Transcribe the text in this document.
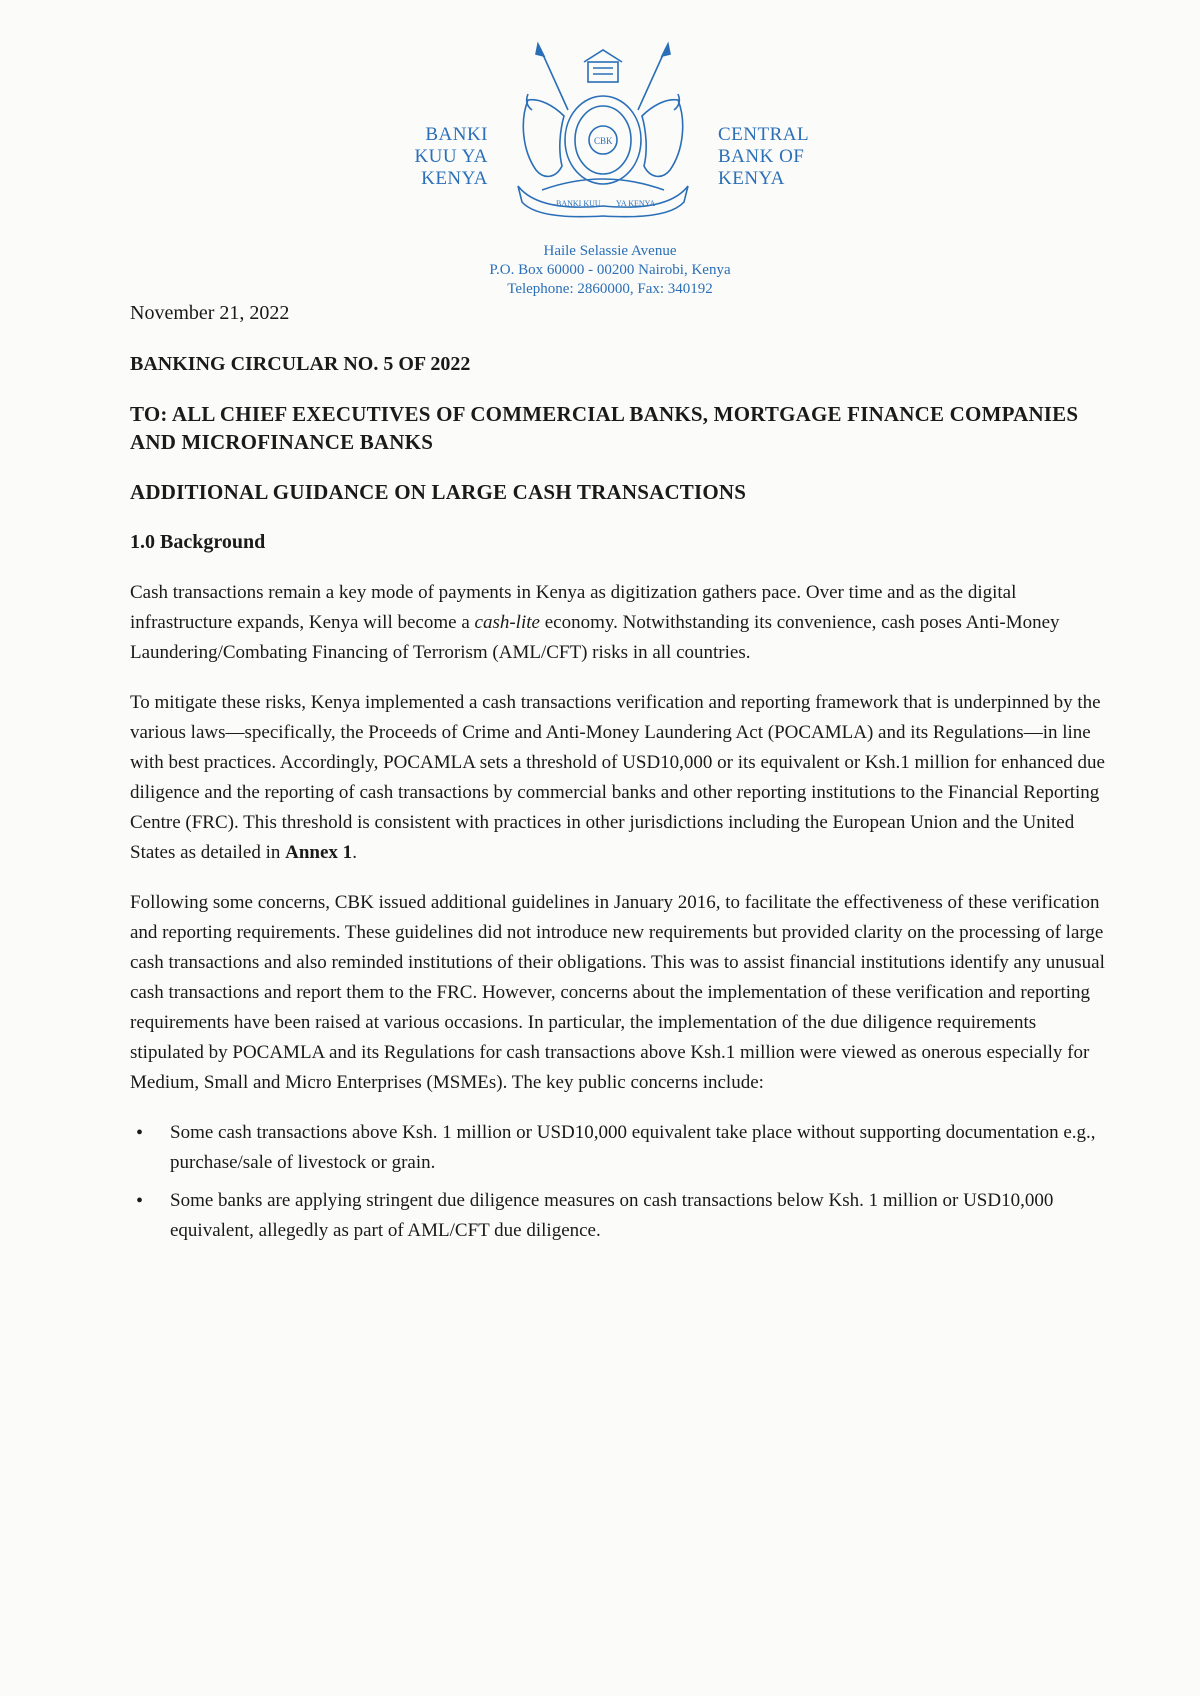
BANKI
KUU YA
KENYA
BANKI KUU YA KENYA
CBK	CENTRAL
BANK OF
KENYA
Haile Selassie Avenue
P.O. Box 60000 - 00200 Nairobi, Kenya
Telephone: 2860000, Fax: 340192
November 21, 2022
BANKING CIRCULAR NO. 5 OF 2022
TO: ALL CHIEF EXECUTIVES OF COMMERCIAL BANKS, MORTGAGE FINANCE COMPANIES AND MICROFINANCE BANKS
ADDITIONAL GUIDANCE ON LARGE CASH TRANSACTIONS
1.0 Background

Cash transactions remain a key mode of payments in Kenya as digitization gathers pace. Over time and as the digital infrastructure expands, Kenya will become a cash-lite economy. Notwithstanding its convenience, cash poses Anti-Money Laundering/Combating Financing of Terrorism (AML/CFT) risks in all countries.

To mitigate these risks, Kenya implemented a cash transactions verification and reporting framework that is underpinned by the various laws—specifically, the Proceeds of Crime and Anti-Money Laundering Act (POCAMLA) and its Regulations—in line with best practices. Accordingly, POCAMLA sets a threshold of USD10,000 or its equivalent or Ksh.1 million for enhanced due diligence and the reporting of cash transactions by commercial banks and other reporting institutions to the Financial Reporting Centre (FRC). This threshold is consistent with practices in other jurisdictions including the European Union and the United States as detailed in Annex 1.

Following some concerns, CBK issued additional guidelines in January 2016, to facilitate the effectiveness of these verification and reporting requirements. These guidelines did not introduce new requirements but provided clarity on the processing of large cash transactions and also reminded institutions of their obligations. This was to assist financial institutions identify any unusual cash transactions and report them to the FRC. However, concerns about the implementation of these verification and reporting requirements have been raised at various occasions. In particular, the implementation of the due diligence requirements stipulated by POCAMLA and its Regulations for cash transactions above Ksh.1 million were viewed as onerous especially for Medium, Small and Micro Enterprises (MSMEs). The key public concerns include:

• Some cash transactions above Ksh. 1 million or USD10,000 equivalent take place without supporting documentation e.g., purchase/sale of livestock or grain.
• Some banks are applying stringent due diligence measures on cash transactions below Ksh. 1 million or USD10,000 equivalent, allegedly as part of AML/CFT due diligence.
